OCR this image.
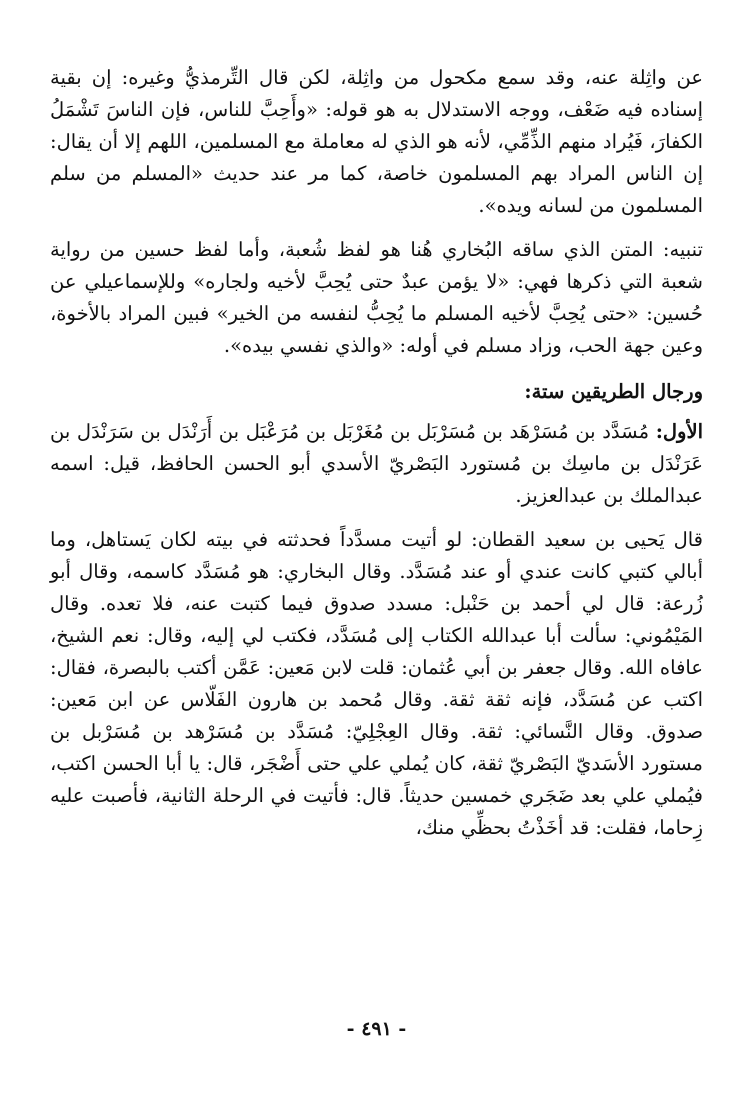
عن واثِلة عنه، وقد سمع مكحول من واثِلة، لكن قال التِّرمذيُّ وغيره: إن بقية إسناده فيه ضَعْف، ووجه الاستدلال به هو قوله: «وأَحِبَّ للناس، فإن الناسَ تَشْمَلُ الكفارَ، فَيُراد منهم الذِّمِّي، لأنه هو الذي له معاملة مع المسلمين، اللهم إلا أن يقال: إن الناس المراد بهم المسلمون خاصة، كما مر عند حديث «المسلم من سلم المسلمون من لسانه ويده».

تنبيه: المتن الذي ساقه البُخاري هُنا هو لفظ شُعبة، وأما لفظ حسين من رواية شعبة التي ذكرها فهي: «لا يؤمن عبدٌ حتى يُحِبَّ لأخيه ولجاره» وللإسماعيلي عن حُسين: «حتى يُحِبَّ لأخيه المسلم ما يُحِبُّ لنفسه من الخير» فبين المراد بالأخوة، وعين جهة الحب، وزاد مسلم في أوله: «والذي نفسي بيده».

ورجال الطريقين ستة:

الأول: مُسَدَّد بن مُسَرْهَد بن مُسَرْبَل بن مُغَرْبَل بن مُرَعْبَل بن أَرَنْدَل بن سَرَنْدَل بن عَرَنْدَل بن ماسِك بن مُستورد البَصْريّ الأسدي أبو الحسن الحافظ، قيل: اسمه عبدالملك بن عبدالعزيز.

قال يَحيى بن سعيد القطان: لو أتيت مسدَّداً فحدثته في بيته لكان يَستاهل، وما أبالي كتبي كانت عندي أو عند مُسَدَّد. وقال البخاري: هو مُسَدَّد كاسمه، وقال أبو زُرعة: قال لي أحمد بن حَنْبل: مسدد صدوق فيما كتبت عنه، فلا تعده. وقال المَيْمُوني: سألت أبا عبدالله الكتاب إلى مُسَدَّد، فكتب لي إليه، وقال: نعم الشيخ، عافاه الله. وقال جعفر بن أبي عُثمان: قلت لابن مَعين: عَمَّن أكتب بالبصرة، فقال: اكتب عن مُسَدَّد، فإنه ثقة ثقة. وقال مُحمد بن هارون الفَلّاس عن ابن مَعين: صدوق. وقال النَّسائي: ثقة. وقال العِجْلِيّ: مُسَدَّد بن مُسَرْهد بن مُسَرْبل بن مستورد الأسَديّ البَصْريّ ثقة، كان يُملي علي حتى أَضْجَر، قال: يا أبا الحسن اكتب، فيُملي علي بعد ضَجَري خمسين حديثاً. قال: فأتيت في الرحلة الثانية، فأصبت عليه زِحاما، فقلت: قد أخَذْتُ بحظِّي منك،

- ٤٩١ -
